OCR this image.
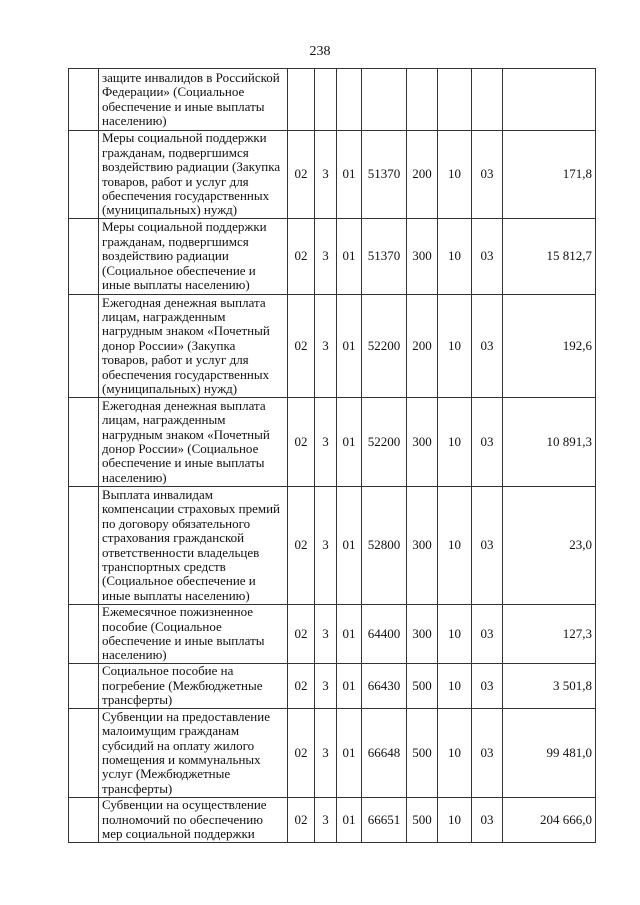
238
	защите инвалидов в Российской Федерации» (Социальное обеспечение и иные выплаты населению)								
	Меры социальной поддержки гражданам, подвергшимся воздействию радиации (Закупка товаров, работ и услуг для обеспечения государственных (муниципальных) нужд)	02	3	01	51370	200	10	03	171,8
	Меры социальной поддержки гражданам, подвергшимся воздействию радиации (Социальное обеспечение и иные выплаты населению)	02	3	01	51370	300	10	03	15 812,7
	Ежегодная денежная выплата лицам, награжденным нагрудным знаком «Почетный донор России» (Закупка товаров, работ и услуг для обеспечения государственных (муниципальных) нужд)	02	3	01	52200	200	10	03	192,6
	Ежегодная денежная выплата лицам, награжденным нагрудным знаком «Почетный донор России» (Социальное обеспечение и иные выплаты населению)	02	3	01	52200	300	10	03	10 891,3
	Выплата инвалидам компенсации страховых премий по договору обязательного страхования гражданской ответственности владельцев транспортных средств (Социальное обеспечение и иные выплаты населению)	02	3	01	52800	300	10	03	23,0
	Ежемесячное пожизненное пособие (Социальное обеспечение и иные выплаты населению)	02	3	01	64400	300	10	03	127,3
	Социальное пособие на погребение (Межбюджетные трансферты)	02	3	01	66430	500	10	03	3 501,8
	Субвенции на предоставление малоимущим гражданам субсидий на оплату жилого помещения и коммунальных услуг (Межбюджетные трансферты)	02	3	01	66648	500	10	03	99 481,0
	Субвенции на осуществление полномочий по обеспечению мер социальной поддержки	02	3	01	66651	500	10	03	204 666,0
